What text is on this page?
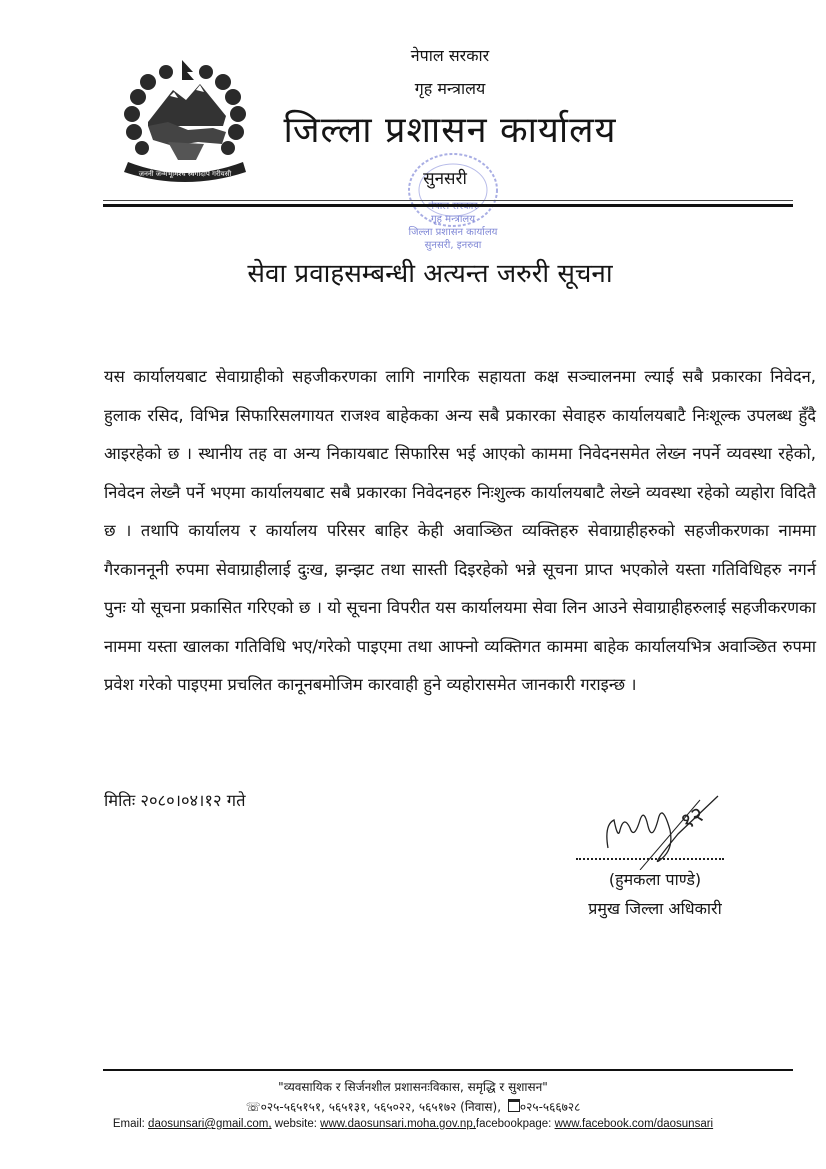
जननी जन्मभूमिश्च स्वर्गादपि गरीयसी
नेपाल सरकार
गृह मन्त्रालय
जिल्ला प्रशासन कार्यालय
गृह मन्त्रालय
जिल्ला प्रशासन कार्यालय
सुनसरी, इनरुवा
सुनसरी
सेवा प्रवाहसम्बन्धी अत्यन्त जरुरी सूचना

यस कार्यालयबाट सेवाग्राहीको सहजीकरणका लागि नागरिक सहायता कक्ष सञ्चालनमा ल्याई सबै प्रकारका निवेदन, हुलाक रसिद, विभिन्न सिफारिसलगायत राजश्व बाहेकका अन्य सबै प्रकारका सेवाहरु कार्यालयबाटै निःशूल्क उपलब्ध हुँदै आइरहेको छ । स्थानीय तह वा अन्य निकायबाट सिफारिस भई आएको काममा निवेदनसमेत लेख्न नपर्ने व्यवस्था रहेको, निवेदन लेख्नै पर्ने भएमा कार्यालयबाट सबै प्रकारका निवेदनहरु निःशुल्क कार्यालयबाटै लेख्ने व्यवस्था रहेको व्यहोरा विदितै छ । तथापि कार्यालय र कार्यालय परिसर बाहिर केही अवाञ्छित व्यक्तिहरु सेवाग्राहीहरुको सहजीकरणका नाममा गैरकाननूनी रुपमा सेवाग्राहीलाई दुःख, झन्झट तथा सास्ती दिइरहेको भन्ने सूचना प्राप्त भएकोले यस्ता गतिविधिहरु नगर्न पुनः यो सूचना प्रकासित गरिएको छ । यो सूचना विपरीत यस कार्यालयमा सेवा लिन आउने सेवाग्राहीहरुलाई सहजीकरणका नाममा यस्ता खालका गतिविधि भए/गरेको पाइएमा तथा आफ्नो व्यक्तिगत काममा बाहेक कार्यालयभित्र अवाञ्छित रुपमा प्रवेश गरेको पाइएमा प्रचलित कानूनबमोजिम कारवाही हुने व्यहोरासमेत जानकारी गराइन्छ ।

मितिः २०८०।०४।१२ गते
१२
(हुमकला पाण्डे)
प्रमुख जिल्ला अधिकारी
"व्यवसायिक र सिर्जनशील प्रशासनःविकास, समृद्धि र सुशासन"
☏०२५-५६५१५१, ५६५१३१, ५६५०२२, ५६५१७२ (निवास), ०२५-५६६७२८
Email: daosunsari@gmail.com, website: www.daosunsari.moha.gov.np,facebookpage: www.facebook.com/daosunsari
